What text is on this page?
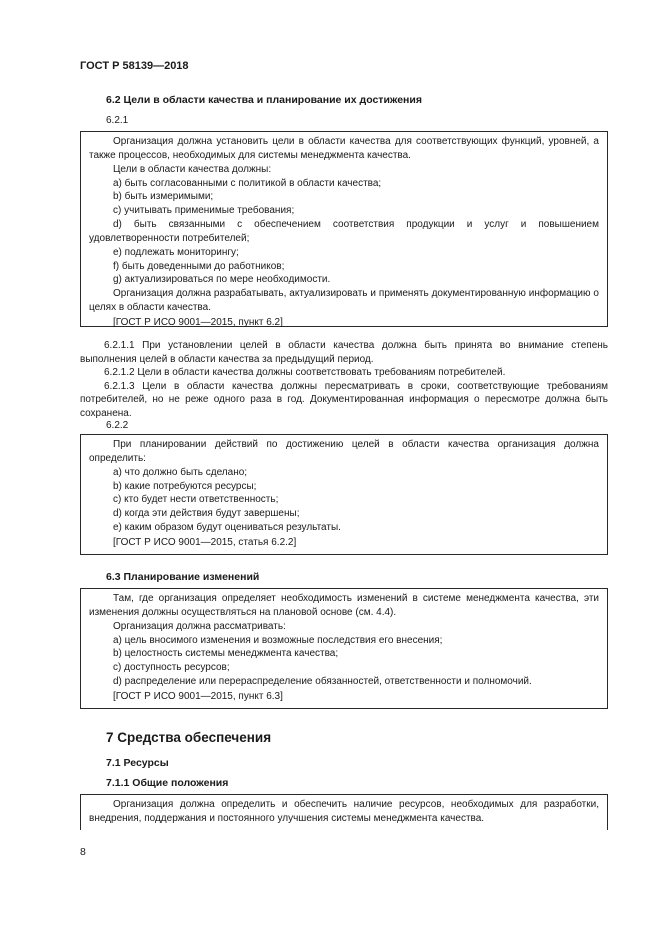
ГОСТ Р 58139—2018
6.2 Цели в области качества и планирование их достижения
6.2.1

Организация должна установить цели в области качества для соответствующих функций, уровней, а также процессов, необходимых для системы менеджмента качества.

Цели в области качества должны:

a) быть согласованными с политикой в области качества;

b) быть измеримыми;

c) учитывать применимые требования;

d) быть связанными с обеспечением соответствия продукции и услуг и повышением удовлетворенности потребителей;

e) подлежать мониторингу;

f) быть доведенными до работников;

g) актуализироваться по мере необходимости.

Организация должна разрабатывать, актуализировать и применять документированную информацию о целях в области качества.

[ГОСТ Р ИСО 9001—2015, пункт 6.2]

6.2.1.1 При установлении целей в области качества должна быть принята во внимание степень выполнения целей в области качества за предыдущий период.

6.2.1.2 Цели в области качества должны соответствовать требованиям потребителей.

6.2.1.3 Цели в области качества должны пересматривать в сроки, соответствующие требованиям потребителей, но не реже одного раза в год. Документированная информация о пересмотре должна быть сохранена.

6.2.2

При планировании действий по достижению целей в области качества организация должна определить:

a) что должно быть сделано;

b) какие потребуются ресурсы;

c) кто будет нести ответственность;

d) когда эти действия будут завершены;

e) каким образом будут оцениваться результаты.

[ГОСТ Р ИСО 9001—2015, статья 6.2.2]

6.3 Планирование изменений

Там, где организация определяет необходимость изменений в системе менеджмента качества, эти изменения должны осуществляться на плановой основе (см. 4.4).

Организация должна рассматривать:

a) цель вносимого изменения и возможные последствия его внесения;

b) целостность системы менеджмента качества;

c) доступность ресурсов;

d) распределение или перераспределение обязанностей, ответственности и полномочий.

[ГОСТ Р ИСО 9001—2015, пункт 6.3]

7 Средства обеспечения
7.1 Ресурсы
7.1.1 Общие положения

Организация должна определить и обеспечить наличие ресурсов, необходимых для разработки, внедрения, поддержания и постоянного улучшения системы менеджмента качества.

8
